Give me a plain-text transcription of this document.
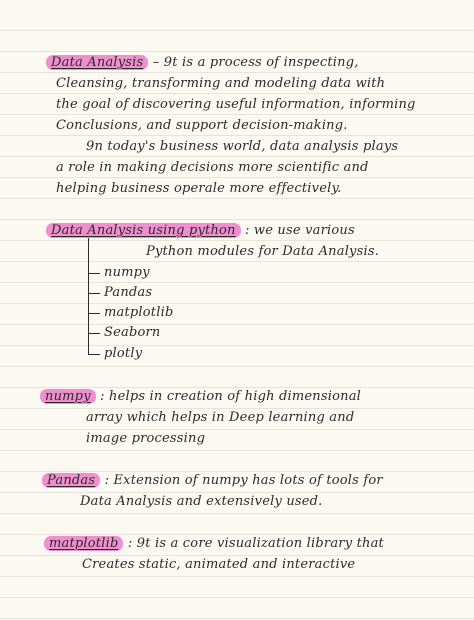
Data Analysis – 9t is a process of inspecting,
Cleansing, transforming and modeling data with
the goal of discovering useful information, informing
Conclusions, and support decision-making.
9n today's business world, data analysis plays
a role in making decisions more scientific and
helping business operale more effectively.
Data Analysis using python : we use various
Python modules for Data Analysis.
numpy
Pandas
matplotlib
Seaborn
plotly
numpy : helps in creation of high dimensional
array which helps in Deep learning and
image processing
Pandas : Extension of numpy has lots of tools for
Data Analysis and extensively used.
matplotlib : 9t is a core visualization library that
Creates static, animated and interactive
